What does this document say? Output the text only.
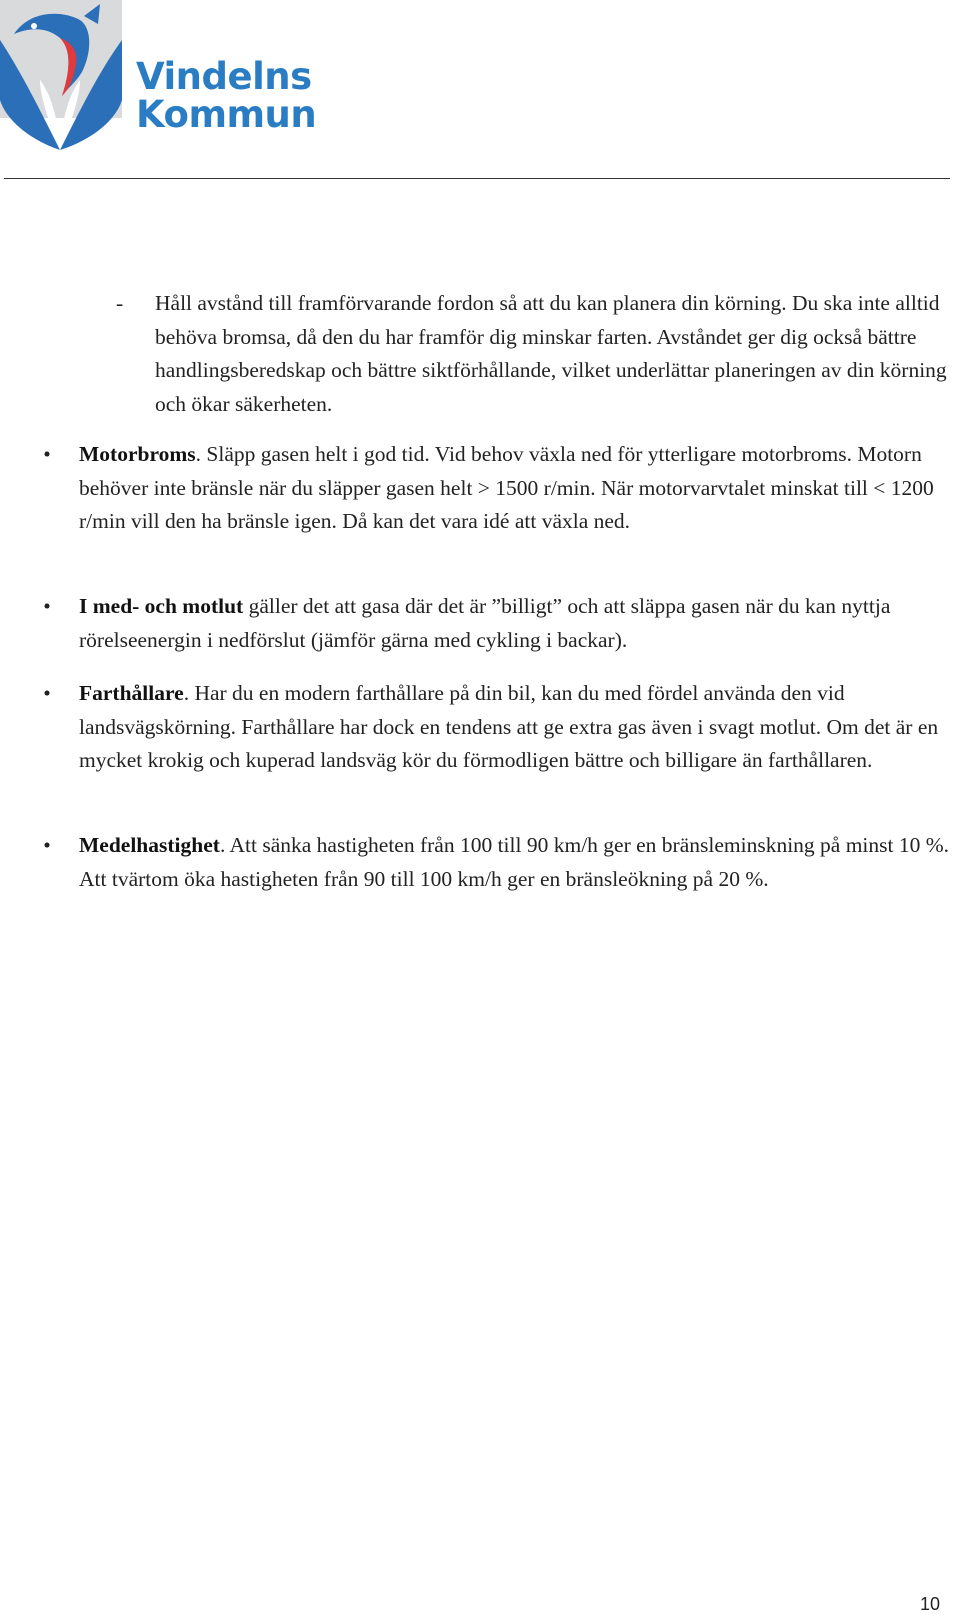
Vindelns
Kommun
- Håll avstånd till framförvarande fordon så att du kan planera din körning. Du ska inte alltid behöva bromsa, då den du har framför dig minskar farten. Avståndet ger dig också bättre handlingsberedskap och bättre siktförhållande, vilket underlättar planeringen av din körning och ökar säkerheten.

• Motorbroms. Släpp gasen helt i god tid. Vid behov växla ned för ytterligare motorbroms. Motorn behöver inte bränsle när du släpper gasen helt > 1500 r/min. När motorvarvtalet minskat till < 1200 r/min vill den ha bränsle igen. Då kan det vara idé att växla ned.

• I med- och motlut gäller det att gasa där det är ”billigt” och att släppa gasen när du kan nyttja rörelseenergin i nedförslut (jämför gärna med cykling i backar).

• Farthållare. Har du en modern farthållare på din bil, kan du med fördel använda den vid landsvägskörning. Farthållare har dock en tendens att ge extra gas även i svagt motlut. Om det är en mycket krokig och kuperad landsväg kör du förmodligen bättre och billigare än farthållaren.

• Medelhastighet. Att sänka hastigheten från 100 till 90 km/h ger en bränsleminskning på minst 10 %. Att tvärtom öka hastigheten från 90 till 100 km/h ger en bränsleökning på 20 %.

10
